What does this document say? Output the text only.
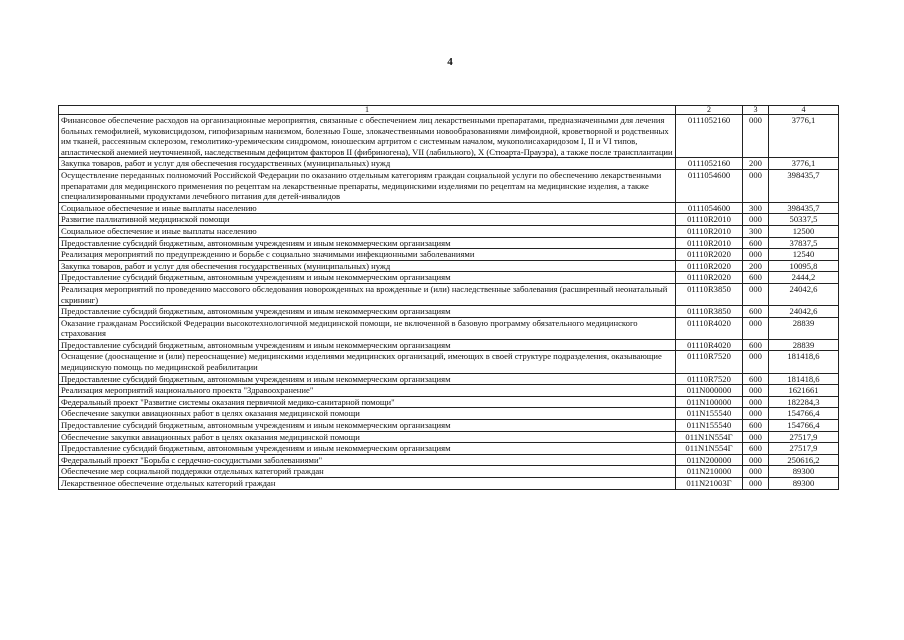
4
1	2	3	4
Финансовое обеспечение расходов на организационные мероприятия, связанные с обеспечением лиц лекарственными препаратами, предназначенными для лечения больных гемофилией, муковисцидозом, гипофизарным нанизмом, болезнью Гоше, злокачественными новообразованиями лимфоидной, кроветворной и родственных им тканей, рассеянным склерозом, гемолитико-уремическим синдромом, юношеским артритом с системным началом, мукополисахаридозом I, II и VI типов, апластической анемией неуточненной, наследственным дефицитом факторов II (фибриногена), VII (лабильного), X (Стюарта-Прауэра), а также после трансплантации	0111052160	000	3776,1
Закупка товаров, работ и услуг для обеспечения государственных (муниципальных) нужд	0111052160	200	3776,1
Осуществление переданных полномочий Российской Федерации по оказанию отдельным категориям граждан социальной услуги по обеспечению лекарственными препаратами для медицинского применения по рецептам на лекарственные препараты, медицинскими изделиями по рецептам на медицинские изделия, а также специализированными продуктами лечебного питания для детей-инвалидов	0111054600	000	398435,7
Социальное обеспечение и иные выплаты населению	0111054600	300	398435,7
Развитие паллиативной медицинской помощи	01110R2010	000	50337,5
Социальное обеспечение и иные выплаты населению	01110R2010	300	12500
Предоставление субсидий бюджетным, автономным учреждениям и иным некоммерческим организациям	01110R2010	600	37837,5
Реализация мероприятий по предупреждению и борьбе с социально значимыми инфекционными заболеваниями	01110R2020	000	12540
Закупка товаров, работ и услуг для обеспечения государственных (муниципальных) нужд	01110R2020	200	10095,8
Предоставление субсидий бюджетным, автономным учреждениям и иным некоммерческим организациям	01110R2020	600	2444,2
Реализация мероприятий по проведению массового обследования новорожденных на врожденные и (или) наследственные заболевания (расширенный неонатальный скрининг)	01110R3850	000	24042,6
Предоставление субсидий бюджетным, автономным учреждениям и иным некоммерческим организациям	01110R3850	600	24042,6
Оказание гражданам Российской Федерации высокотехнологичной медицинской помощи, не включенной в базовую программу обязательного медицинского страхования	01110R4020	000	28839
Предоставление субсидий бюджетным, автономным учреждениям и иным некоммерческим организациям	01110R4020	600	28839
Оснащение (дооснащение и (или) переоснащение) медицинскими изделиями медицинских организаций, имеющих в своей структуре подразделения, оказывающие медицинскую помощь по медицинской реабилитации	01110R7520	000	181418,6
Предоставление субсидий бюджетным, автономным учреждениям и иным некоммерческим организациям	01110R7520	600	181418,6
Реализация мероприятий национального проекта "Здравоохранение"	011N000000	000	1621661
Федеральный проект "Развитие системы оказания первичной медико-санитарной помощи"	011N100000	000	182284,3
Обеспечение закупки авиационных работ в целях оказания медицинской помощи	011N155540	000	154766,4
Предоставление субсидий бюджетным, автономным учреждениям и иным некоммерческим организациям	011N155540	600	154766,4
Обеспечение закупки авиационных работ в целях оказания медицинской помощи	011N1N554Г	000	27517,9
Предоставление субсидий бюджетным, автономным учреждениям и иным некоммерческим организациям	011N1N554Г	600	27517,9
Федеральный проект "Борьба с сердечно-сосудистыми заболеваниями"	011N200000	000	250616,2
Обеспечение мер социальной поддержки отдельных категорий граждан	011N210000	000	89300
Лекарственное обеспечение отдельных категорий граждан	011N21003Г	000	89300
